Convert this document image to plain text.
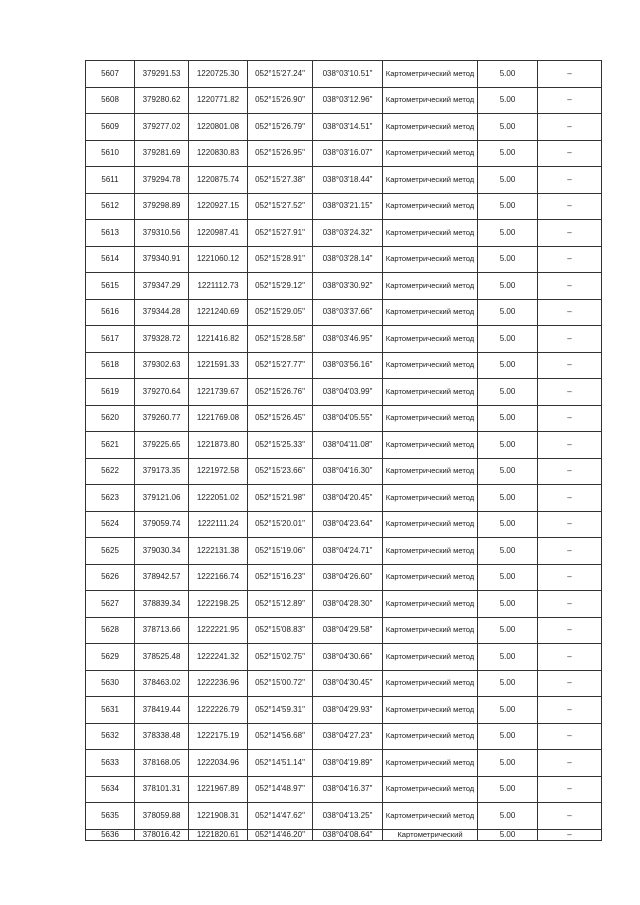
5607	379291.53	1220725.30	052°15'27.24"	038°03'10.51"	Картометрический метод	5.00	–
5608	379280.62	1220771.82	052°15'26.90"	038°03'12.96"	Картометрический метод	5.00	–
5609	379277.02	1220801.08	052°15'26.79"	038°03'14.51"	Картометрический метод	5.00	–
5610	379281.69	1220830.83	052°15'26.95"	038°03'16.07"	Картометрический метод	5.00	–
5611	379294.78	1220875.74	052°15'27.38"	038°03'18.44"	Картометрический метод	5.00	–
5612	379298.89	1220927.15	052°15'27.52"	038°03'21.15"	Картометрический метод	5.00	–
5613	379310.56	1220987.41	052°15'27.91"	038°03'24.32"	Картометрический метод	5.00	–
5614	379340.91	1221060.12	052°15'28.91"	038°03'28.14"	Картометрический метод	5.00	–
5615	379347.29	1221112.73	052°15'29.12"	038°03'30.92"	Картометрический метод	5.00	–
5616	379344.28	1221240.69	052°15'29.05"	038°03'37.66"	Картометрический метод	5.00	–
5617	379328.72	1221416.82	052°15'28.58"	038°03'46.95"	Картометрический метод	5.00	–
5618	379302.63	1221591.33	052°15'27.77"	038°03'56.16"	Картометрический метод	5.00	–
5619	379270.64	1221739.67	052°15'26.76"	038°04'03.99"	Картометрический метод	5.00	–
5620	379260.77	1221769.08	052°15'26.45"	038°04'05.55"	Картометрический метод	5.00	–
5621	379225.65	1221873.80	052°15'25.33"	038°04'11.08"	Картометрический метод	5.00	–
5622	379173.35	1221972.58	052°15'23.66"	038°04'16.30"	Картометрический метод	5.00	–
5623	379121.06	1222051.02	052°15'21.98"	038°04'20.45"	Картометрический метод	5.00	–
5624	379059.74	1222111.24	052°15'20.01"	038°04'23.64"	Картометрический метод	5.00	–
5625	379030.34	1222131.38	052°15'19.06"	038°04'24.71"	Картометрический метод	5.00	–
5626	378942.57	1222166.74	052°15'16.23"	038°04'26.60"	Картометрический метод	5.00	–
5627	378839.34	1222198.25	052°15'12.89"	038°04'28.30"	Картометрический метод	5.00	–
5628	378713.66	1222221.95	052°15'08.83"	038°04'29.58"	Картометрический метод	5.00	–
5629	378525.48	1222241.32	052°15'02.75"	038°04'30.66"	Картометрический метод	5.00	–
5630	378463.02	1222236.96	052°15'00.72"	038°04'30.45"	Картометрический метод	5.00	–
5631	378419.44	1222226.79	052°14'59.31"	038°04'29.93"	Картометрический метод	5.00	–
5632	378338.48	1222175.19	052°14'56.68"	038°04'27.23"	Картометрический метод	5.00	–
5633	378168.05	1222034.96	052°14'51.14"	038°04'19.89"	Картометрический метод	5.00	–
5634	378101.31	1221967.89	052°14'48.97"	038°04'16.37"	Картометрический метод	5.00	–
5635	378059.88	1221908.31	052°14'47.62"	038°04'13.25"	Картометрический метод	5.00	–
5636	378016.42	1221820.61	052°14'46.20"	038°04'08.64"	Картометрический	5.00	–
